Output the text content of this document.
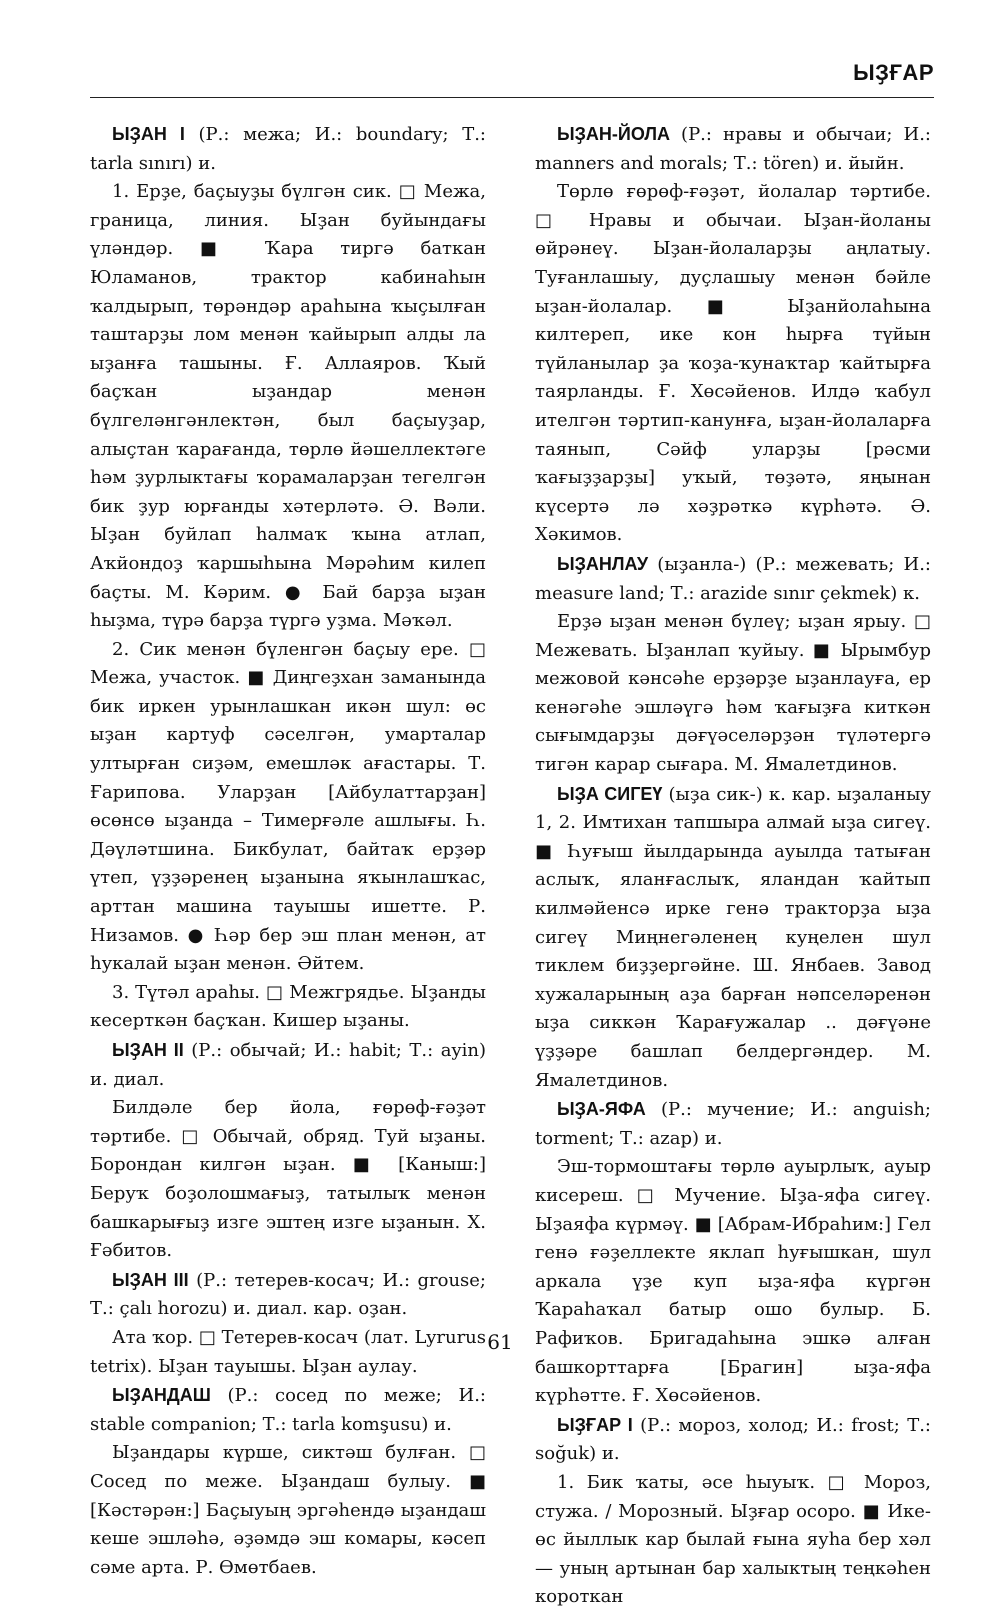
ЫҘҒАР

ЫҘАН I (Р.: межа; И.: boundary; Т.: tarla sınırı) и.

1. Ерҙе, баҫыуҙы бүлгән сик. □ Межа, граница, линия. Ыҙан буйындағы үләндәр. ■ Ҡара тиргә баткан Юламанов, трактор кабинаһын ҡалдырып, төрәндәр араһына ҡыҫылған таштарҙы лом менән ҡайырып алды ла ыҙанға ташыны. Ғ. Аллаяров. Ҡый баҫҡан ыҙандар менән бүлгеләнгәнлектән, был баҫыуҙар, алыҫтан ҡарағанда, төрлө йәшеллектәге һәм ҙурлыктағы ҡорамаларҙан тегелгән бик ҙур юрғанды хәтерләтә. Ә. Вәли. Ыҙан буйлап һалмаҡ ҡына атлап, Аҡйондоҙ ҡаршыһына Мәрәһим килеп баҫты. М. Кәрим. ● Бай барҙа ыҙан һыҙма, түрә барҙа түргә уҙма. Мәҡәл.

2. Сик менән бүленгән баҫыу ере. □ Межа, участок. ■ Диңгеҙхан заманында бик иркен урынлашкан икән шул: өс ыҙан картуф сәселгән, умарталар ултырған сиҙәм, емешләк ағастары. Т. Ғарипова. Уларҙан [Айбулаттарҙан] өсөнсө ыҙанда – Тимерғәле ашлығы. Һ. Дәүләтшина. Бикбулат, байтаҡ ерҙәр үтеп, үҙҙәренең ыҙанына яҡынлашҡас, арттан машина тауышы ишетте. Р. Низамов. ● Һәр бер эш план менән, ат һукалай ыҙан менән. Әйтем.

3. Түтәл араһы. □ Межгрядье. Ыҙанды кесерткән баҫҡан. Кишер ыҙаны.

ЫҘАН II (Р.: обычай; И.: habit; Т.: ayin) и. диал.

Билдәле бер йола, ғөрөф-ғәҙәт тәртибе. □ Обычай, обряд. Туй ыҙаны. Борондан килгән ыҙан. ■ [Каныш:] Беруҡ боҙолошмағыҙ, татылыҡ менән башкарығыҙ изге эштең изге ыҙанын. Х. Ғәбитов.

ЫҘАН III (Р.: тетерев-косач; И.: grouse; Т.: çalı horozu) и. диал. кар. оҙан.

Ата ҡор. □ Тетерев-косач (лат. Lyrurus tetrix). Ыҙан тауышы. Ыҙан аулау.

ЫҘАНДАШ (Р.: сосед по меже; И.: stable companion; Т.: tarla komşusu) и.

Ыҙандары күрше, сиктәш булған. □ Сосед по меже. Ыҙандаш булыу. ■ [Кәстәрән:] Баҫыуың эргәһендә ыҙандаш кеше эшләһә, әҙәмдә эш комары, кәсеп сәме арта. Р. Өмөтбаев.

ЫҘАН-ЙОЛА (Р.: нравы и обычаи; И.: manners and morals; Т.: tören) и. йыйн.

Төрлө ғөрөф-ғәҙәт, йолалар тәртибе. □ Нравы и обычаи. Ыҙан-йоланы өйрәнеү. Ыҙан-йолаларҙы аңлатыу. Туғанлашыу, дуҫлашыу менән бәйле ыҙан-йолалар. ■ Ыҙанйолаһына килтереп, ике кон һырға түйын түйланылар ҙа ҡоҙа-ҡунаҡтар ҡайтырға таярланды. Ғ. Хөсәйенов. Илдә ҡабул ителгән тәртип-канунға, ыҙан-йолаларға таянып, Сәйф уларҙы [рәсми ҡағыҙҙарҙы] уҡый, төҙәтә, яңынан күсертә лә хәҙрәткә күрһәтә. Ә. Хәкимов.

ЫҘАНЛАУ (ыҙанла-) (Р.: межевать; И.: measure land; Т.: arazide sınır çekmek) к.

Ерҙә ыҙан менән бүлеү; ыҙан ярыу. □ Межевать. Ыҙанлап ҡуйыу. ■ Ырымбур межовой кәнсәһе ерҙәрҙе ыҙанлауға, ер кенәгәһе эшләүгә һәм ҡағыҙға киткән сығымдарҙы дәғүәселәрҙән түләтергә тигән карар сығара. М. Ямалетдинов.

ЫҘА СИГЕҮ (ыҙа сик-) к. кар. ыҙаланыу 1, 2. Имтихан тапшыра алмай ыҙа сигеү. ■ Һуғыш йылдарында ауылда татыған аслыҡ, яланғаслыҡ, яландан ҡайтып килмәйенсә ирке генә тракторҙа ыҙа сигеү Миңнегәленең куңелен шул тиклем биҙҙергәйне. Ш. Янбаев. Завод хужаларының аҙа барған нәпселәренән ыҙа сиккән Ҡарағужалар .. дәғүәне үҙҙәре башлап белдергәндер. М. Ямалетдинов.

ЫҘА-ЯФА (Р.: мучение; И.: anguish; torment; Т.: azap) и.

Эш-тормоштағы төрлө ауырлыҡ, ауыр кисереш. □ Мучение. Ыҙа-яфа сигеү. Ыҙаяфа күрмәү. ■ [Абрам-Ибраһим:] Гел генә ғәҙеллекте яклап һуғышкан, шул аркала үҙе куп ыҙа-яфа күргән Ҡараһаҡал батыр ошо булыр. Б. Рафиҡов. Бригадаһына эшкә алған башкорттарға [Брагин] ыҙа-яфа күрһәтте. Ғ. Хөсәйенов.

ЫҘҒАР I (Р.: мороз, холод; И.: frost; Т.: soğuk) и.

1. Бик ҡаты, әсе һыуыҡ. □ Мороз, стужа. / Морозный. Ыҙғар осоро. ■ Ике-өс йыллык кар былай ғына яуһа бер хәл — уның артынан бар халыктың теңкәһен короткан

61
